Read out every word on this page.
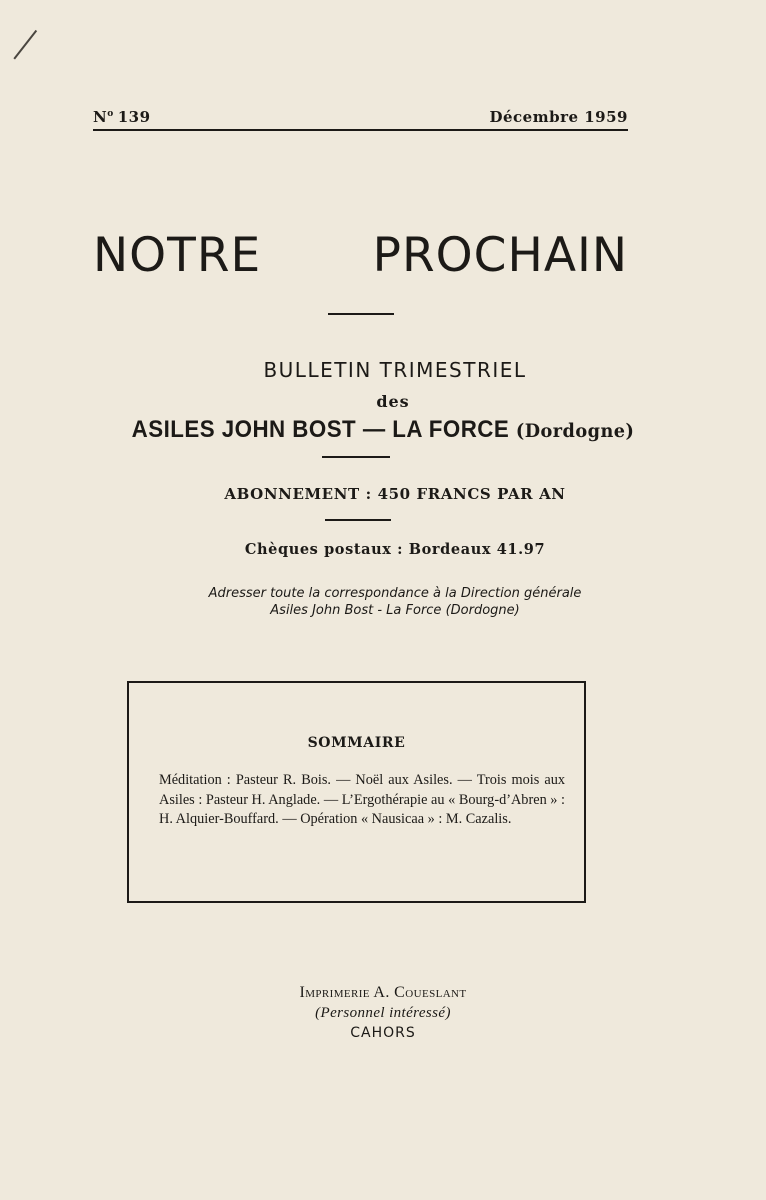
$N^o$ 139	Décembre 1959
NOTRE PROCHAIN
BULLETIN TRIMESTRIEL
des
ASILES JOHN BOST — LA FORCE (Dordogne)
ABONNEMENT : 450 FRANCS PAR AN
Chèques postaux : Bordeaux 41.97
Adresser toute la correspondance à la Direction générale
Asiles John Bost - La Force (Dordogne)
SOMMAIRE
Méditation : Pasteur R. Bois. — Noël aux Asiles. — Trois mois aux Asiles : Pasteur H. Anglade. — L’Ergothérapie au « Bourg-d’Abren » : H. Alquier-Bouffard. — Opération « Nausicaa » : M. Cazalis.
Imprimerie A. Coueslant
(Personnel intéressé)
CAHORS
